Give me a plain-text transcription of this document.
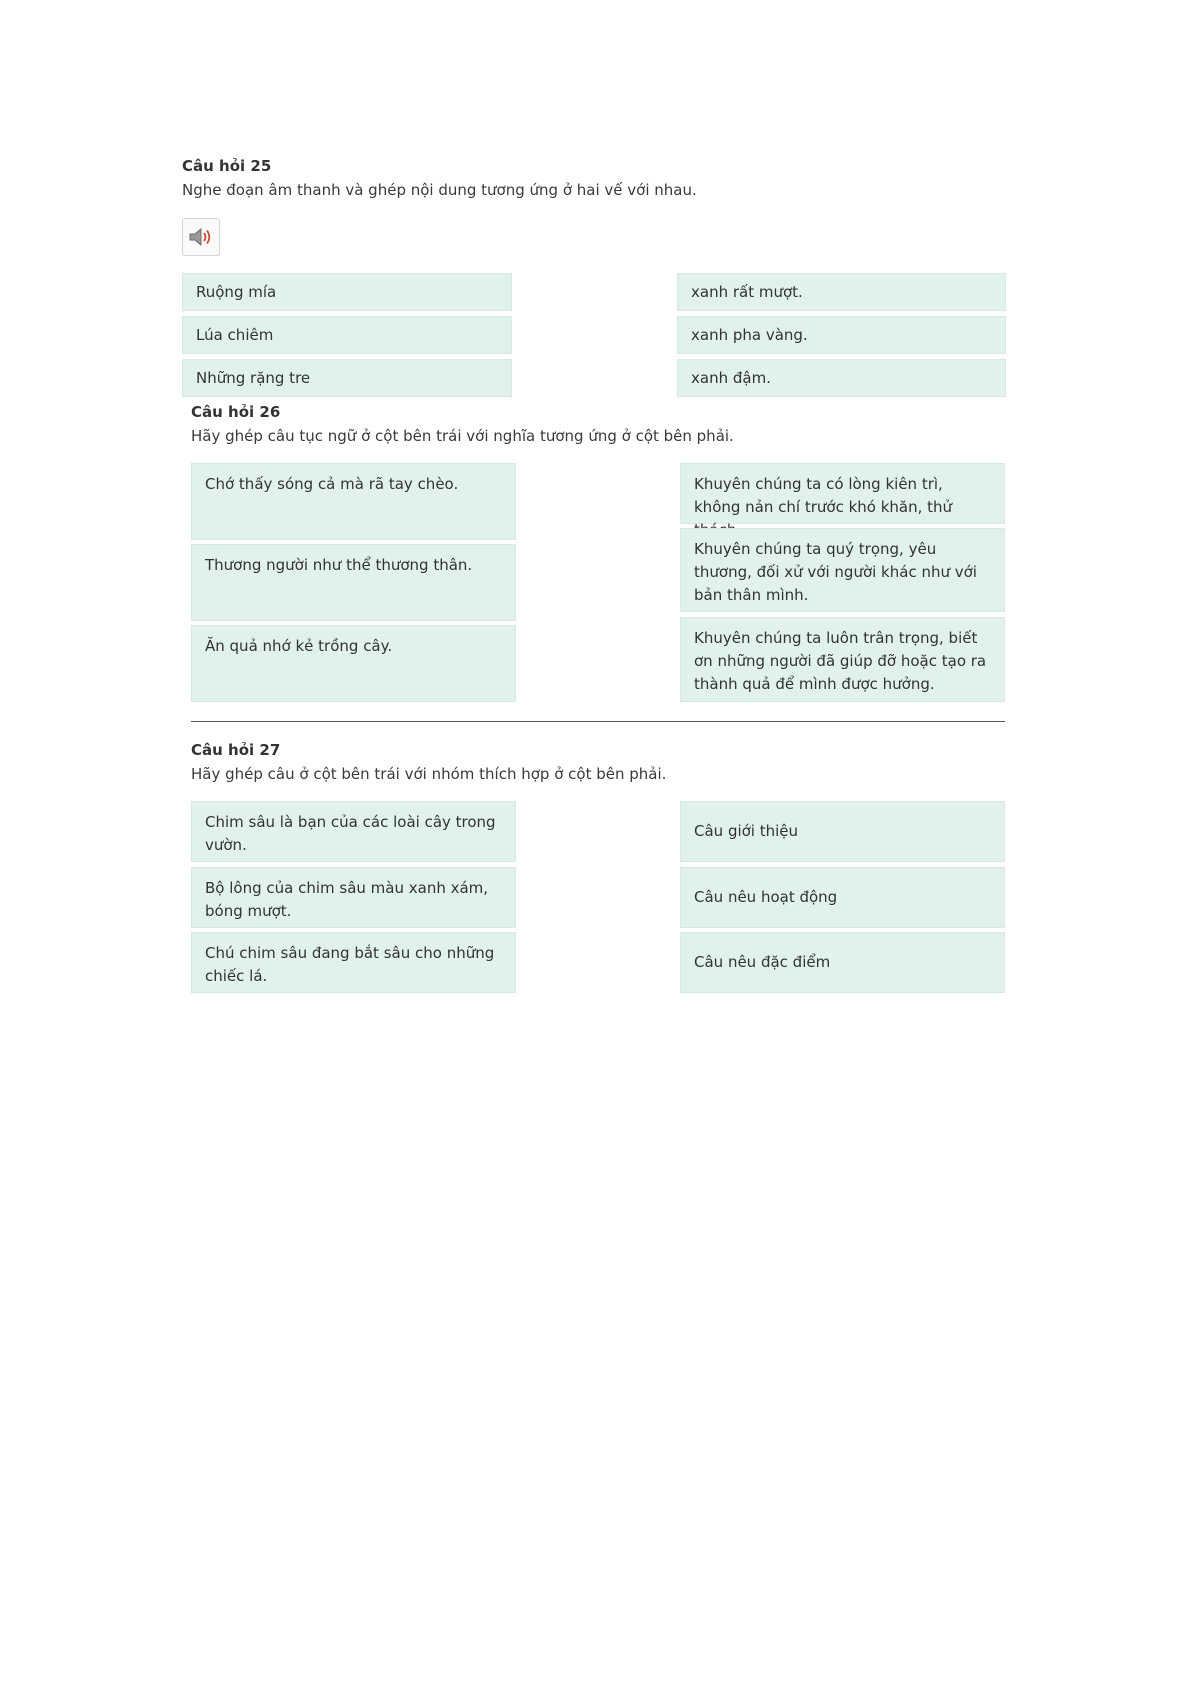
Câu hỏi 25
Nghe đoạn âm thanh và ghép nội dung tương ứng ở hai vế với nhau.
Ruộng mía
Lúa chiêm
Những rặng tre
xanh rất mượt.
xanh pha vàng.
xanh đậm.
Câu hỏi 26
Hãy ghép câu tục ngữ ở cột bên trái với nghĩa tương ứng ở cột bên phải.
Chớ thấy sóng cả mà rã tay chèo.
Thương người như thể thương thân.
Ăn quả nhớ kẻ trồng cây.
Khuyên chúng ta có lòng kiên trì, không nản chí trước khó khăn, thử
Khuyên chúng ta quý trọng, yêu thương, đối xử với người khác như với bản thân mình.
Khuyên chúng ta luôn trân trọng, biết ơn những người đã giúp đỡ hoặc tạo ra thành quả để mình được hưởng.
Câu hỏi 27
Hãy ghép câu ở cột bên trái với nhóm thích hợp ở cột bên phải.
Chim sâu là bạn của các loài cây trong vườn.
Bộ lông của chim sâu màu xanh xám, bóng mượt.
Chú chim sâu đang bắt sâu cho những chiếc lá.
Câu giới thiệu
Câu nêu hoạt động
Câu nêu đặc điểm
